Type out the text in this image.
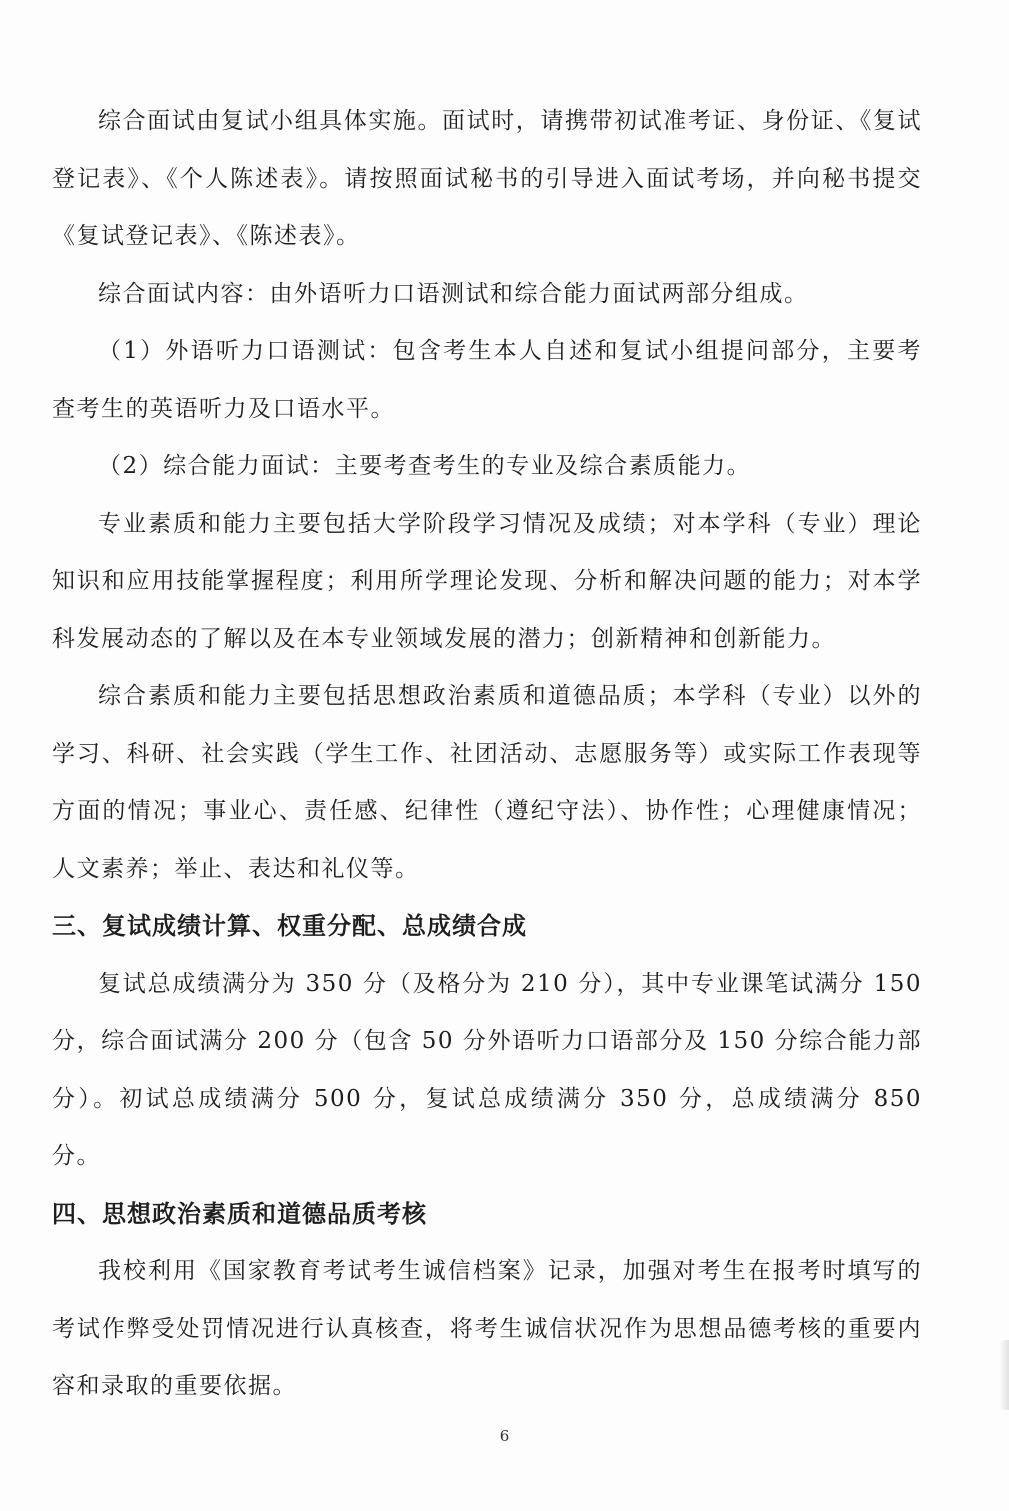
综合面试由复试小组具体实施。面试时，请携带初试准考证、身份证、《复试登记表》、《个人陈述表》。请按照面试秘书的引导进入面试考场，并向秘书提交《复试登记表》、《陈述表》。

综合面试内容：由外语听力口语测试和综合能力面试两部分组成。

（1）外语听力口语测试：包含考生本人自述和复试小组提问部分，主要考查考生的英语听力及口语水平。

（2）综合能力面试：主要考查考生的专业及综合素质能力。

专业素质和能力主要包括大学阶段学习情况及成绩；对本学科（专业）理论知识和应用技能掌握程度；利用所学理论发现、分析和解决问题的能力；对本学科发展动态的了解以及在本专业领域发展的潜力；创新精神和创新能力。

综合素质和能力主要包括思想政治素质和道德品质；本学科（专业）以外的学习、科研、社会实践（学生工作、社团活动、志愿服务等）或实际工作表现等方面的情况；事业心、责任感、纪律性（遵纪守法）、协作性；心理健康情况；人文素养；举止、表达和礼仪等。

三、复试成绩计算、权重分配、总成绩合成

复试总成绩满分为 350 分（及格分为 210 分），其中专业课笔试满分 150 分，综合面试满分 200 分（包含 50 分外语听力口语部分及 150 分综合能力部分）。初试总成绩满分 500 分，复试总成绩满分 350 分，总成绩满分 850 分。

四、思想政治素质和道德品质考核

我校利用《国家教育考试考生诚信档案》记录，加强对考生在报考时填写的考试作弊受处罚情况进行认真核查，将考生诚信状况作为思想品德考核的重要内容和录取的重要依据。

6
